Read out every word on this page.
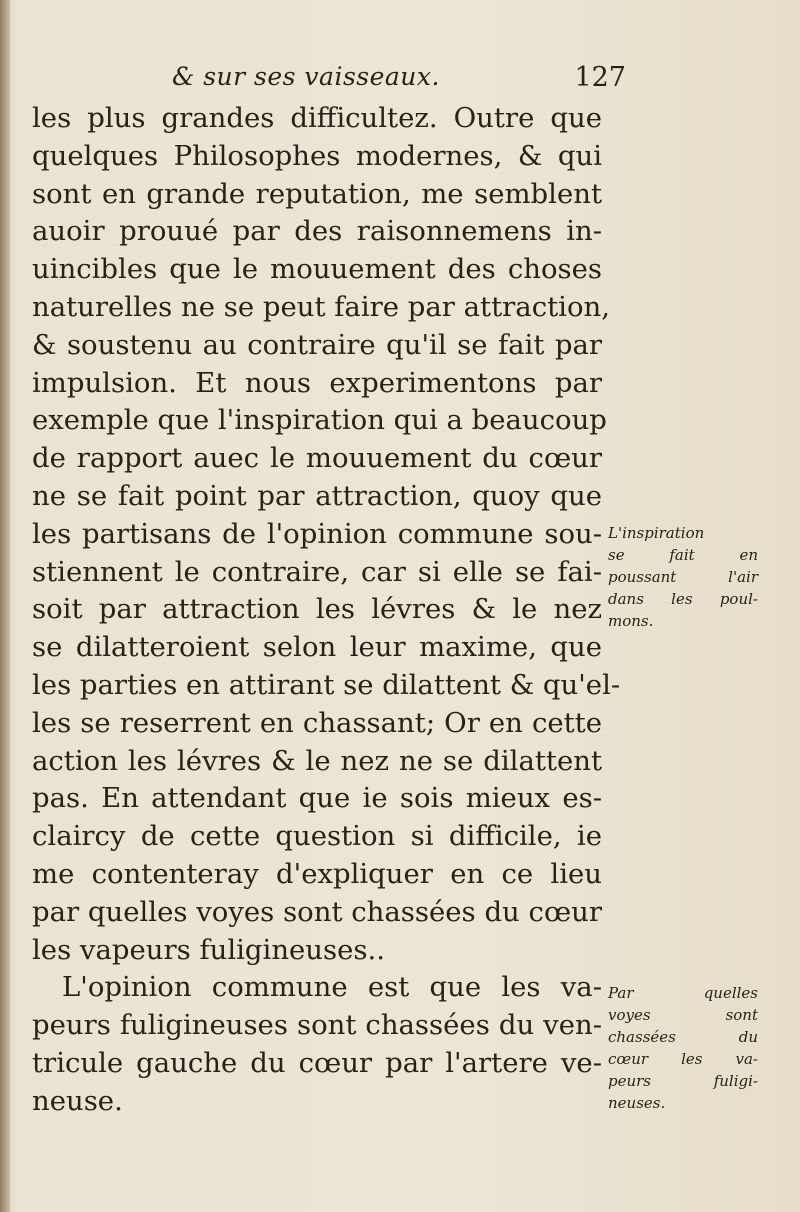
& sur ses vaisseaux.	127
les plus grandes difficultez. Outre que
quelques Philosophes modernes, & qui
sont en grande reputation, me semblent
auoir prouué par des raisonnemens in-
uincibles que le mouuement des choses
naturelles ne se peut faire par attraction,
& soustenu au contraire qu'il se fait par
impulsion. Et nous experimentons par
exemple que l'inspiration qui a beaucoup
de rapport auec le mouuement du cœur
ne se fait point par attraction, quoy que
les partisans de l'opinion commune sou-
stiennent le contraire, car si elle se fai-
soit par attraction les lévres & le nez
se dilatteroient selon leur maxime, que
les parties en attirant se dilattent & qu'el-
les se reserrent en chassant; Or en cette
action les lévres & le nez ne se dilattent
pas. En attendant que ie sois mieux es-
claircy de cette question si difficile, ie
me contenteray d'expliquer en ce lieu
par quelles voyes sont chassées du cœur
les vapeurs fuligineuses..
L'opinion commune est que les va-
peurs fuligineuses sont chassées du ven-
tricule gauche du cœur par l'artere ve-
neuse.
L'inspiration
se fait en
poussant l'air
dans les poul-
mons.
Par quelles
voyes sont
chassées du
cœur les va-
peurs fuligi-
neuses.
